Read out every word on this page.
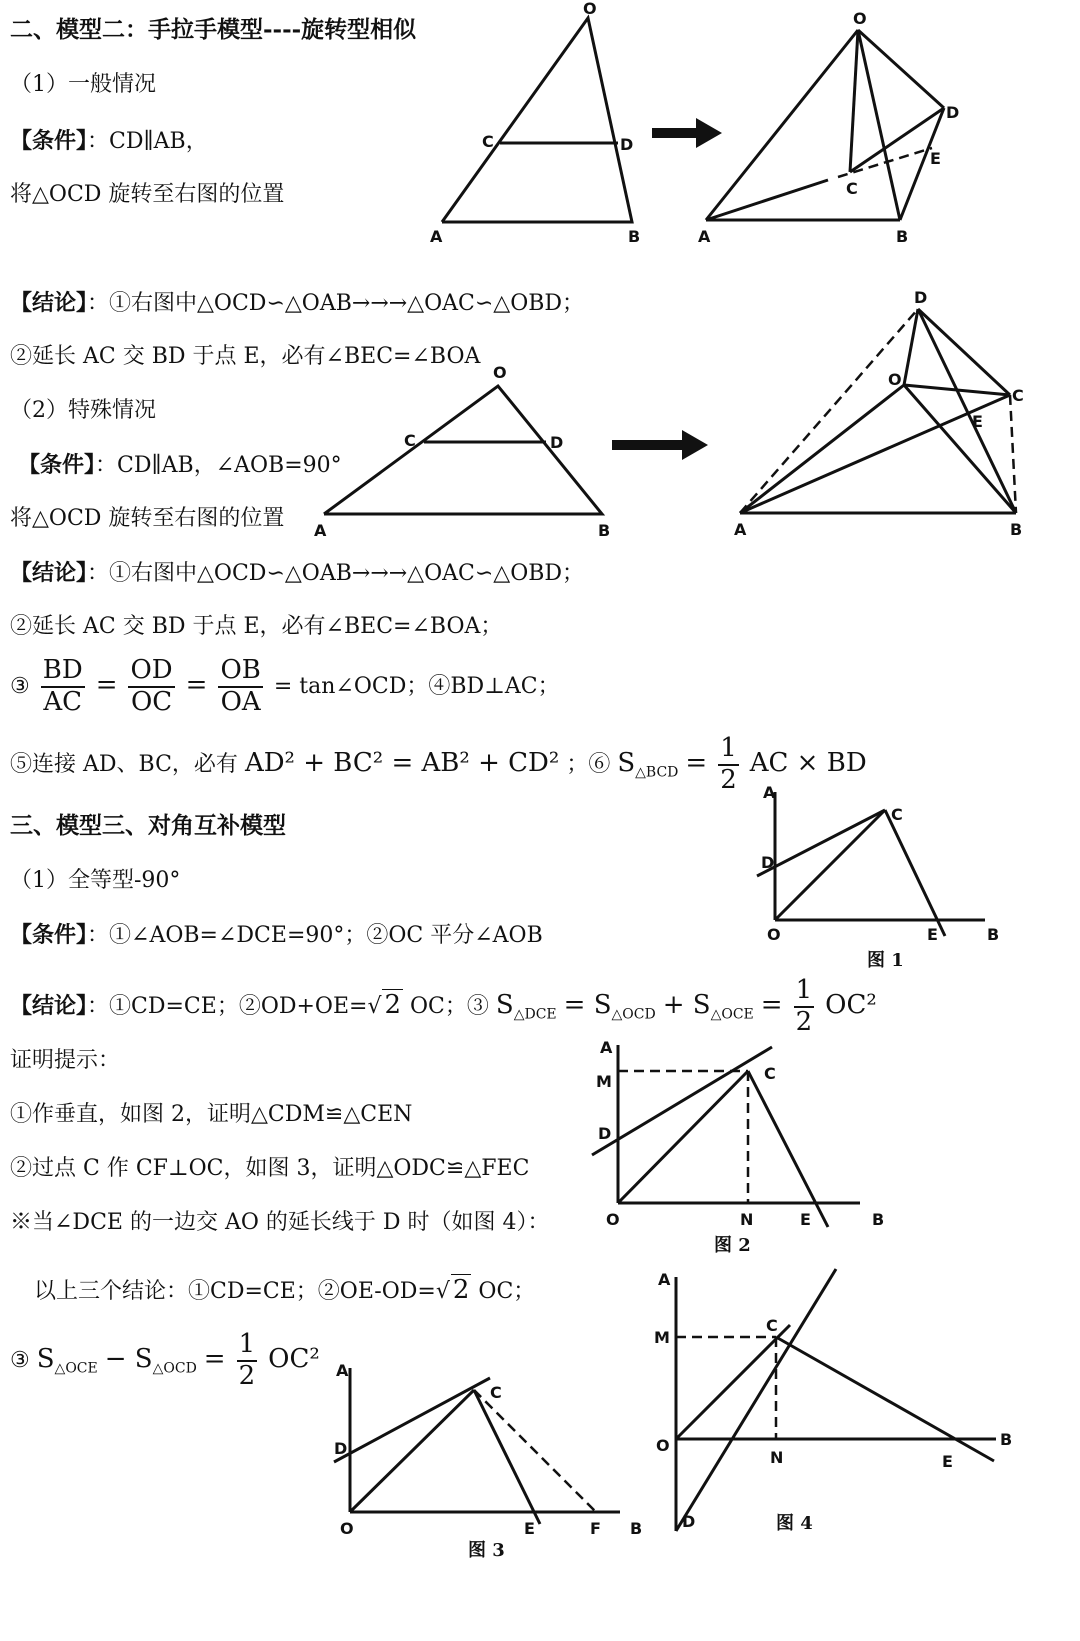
二、模型二：手拉手模型----旋转型相似
（1）一般情况
【条件】：CD∥AB，
将△OCD 旋转至右图的位置
【结论】：①右图中△OCD∽△OAB→→→△OAC∽△OBD；
②延长 AC 交 BD 于点 E，必有∠BEC=∠BOA
（2）特殊情况
【条件】：CD∥AB，∠AOB=90°
将△OCD 旋转至右图的位置
【结论】：①右图中△OCD∽△OAB→→→△OAC∽△OBD；
②延长 AC 交 BD 于点 E，必有∠BEC=∠BOA；
③ $\frac{BD}{AC} = \frac{OD}{OC} = \frac{OB}{OA}$ = tan∠OCD；④BD⊥AC；
⑤连接 AD、BC，必有 AD² + BC² = AB² + CD² ；⑥ $S_{\triangle BCD} = \frac{1}{2}$ AC × BD
三、模型三、对角互补模型
（1）全等型-90°
【条件】：①∠AOB=∠DCE=90°；②OC 平分∠AOB
【结论】：①CD=CE；②OD+OE=√ 2 OC；③ $S_{\triangle DCE} = S_{\triangle OCD} + S_{\triangle OCE} = \frac{1}{2} OC^2$
证明提示：
①作垂直，如图 2，证明△CDM≌△CEN
②过点 C 作 CF⊥OC，如图 3，证明△ODC≌△FEC
※当∠DCE 的一边交 AO 的延长线于 D 时（如图 4）：
以上三个结论：①CD=CE；②OE-OD=√ 2 OC；
③ $S_{\triangle OCE} - S_{\triangle OCD} = \frac{1}{2} OC^2$
O
C	D
A	B
O
D
E
C
A	B
O
C	D
A	B
D
O
C
E
A	B
A
C
D
O	E	B
图 1
A
M	C
D
O	N	E	B
图 2
A
C
D
O	E	F B
图 3
A
M
C
O
N	E
B
D	图 4
